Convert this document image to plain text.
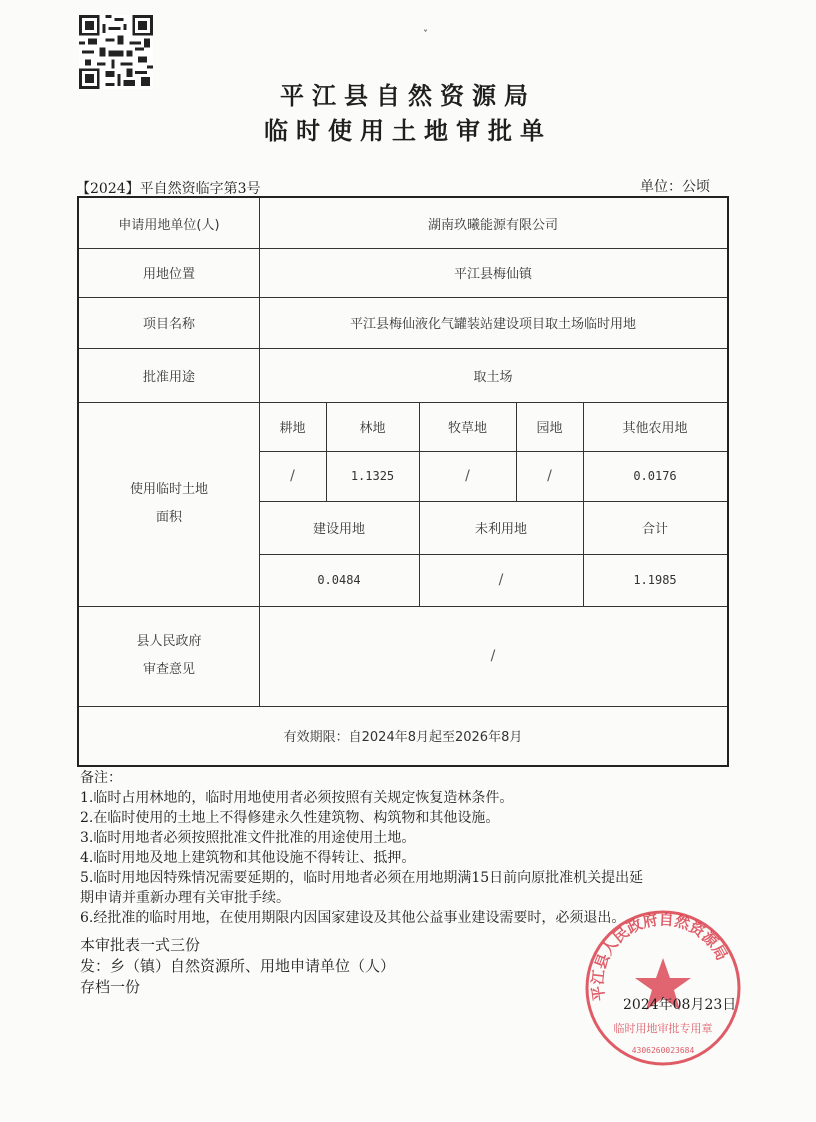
ˇ
平江县自然资源局
临时使用土地审批单
【2024】平自然资临字第3号	单位：公顷
申请用地单位(人)	湖南玖曦能源有限公司
用地位置	平江县梅仙镇
项目名称	平江县梅仙液化气罐装站建设项目取土场临时用地
批准用途	取土场
使用临时土地
面积
耕地	林地	牧草地	园地	其他农用地
/	1.1325	/	/	0.0176
建设用地	未利用地	合计
0.0484	/	1.1985
县人民政府
审查意见
/
有效期限：自2024年8月起至2026年8月
备注：
1.临时占用林地的，临时用地使用者必须按照有关规定恢复造林条件。
2.在临时使用的土地上不得修建永久性建筑物、构筑物和其他设施。
3.临时用地者必须按照批准文件批准的用途使用土地。
4.临时用地及地上建筑物和其他设施不得转让、抵押。
5.临时用地因特殊情况需要延期的，临时用地者必须在用地期满15日前向原批准机关提出延
期申请并重新办理有关审批手续。
6.经批准的临时用地，在使用期限内因国家建设及其他公益事业建设需要时，必须退出。
本审批表一式三份
发：乡（镇）自然资源所、用地申请单位（人）
存档一份	平江县人民政府自然资源局
临时用地审批专用章
4306260023684
2024年08月23日
